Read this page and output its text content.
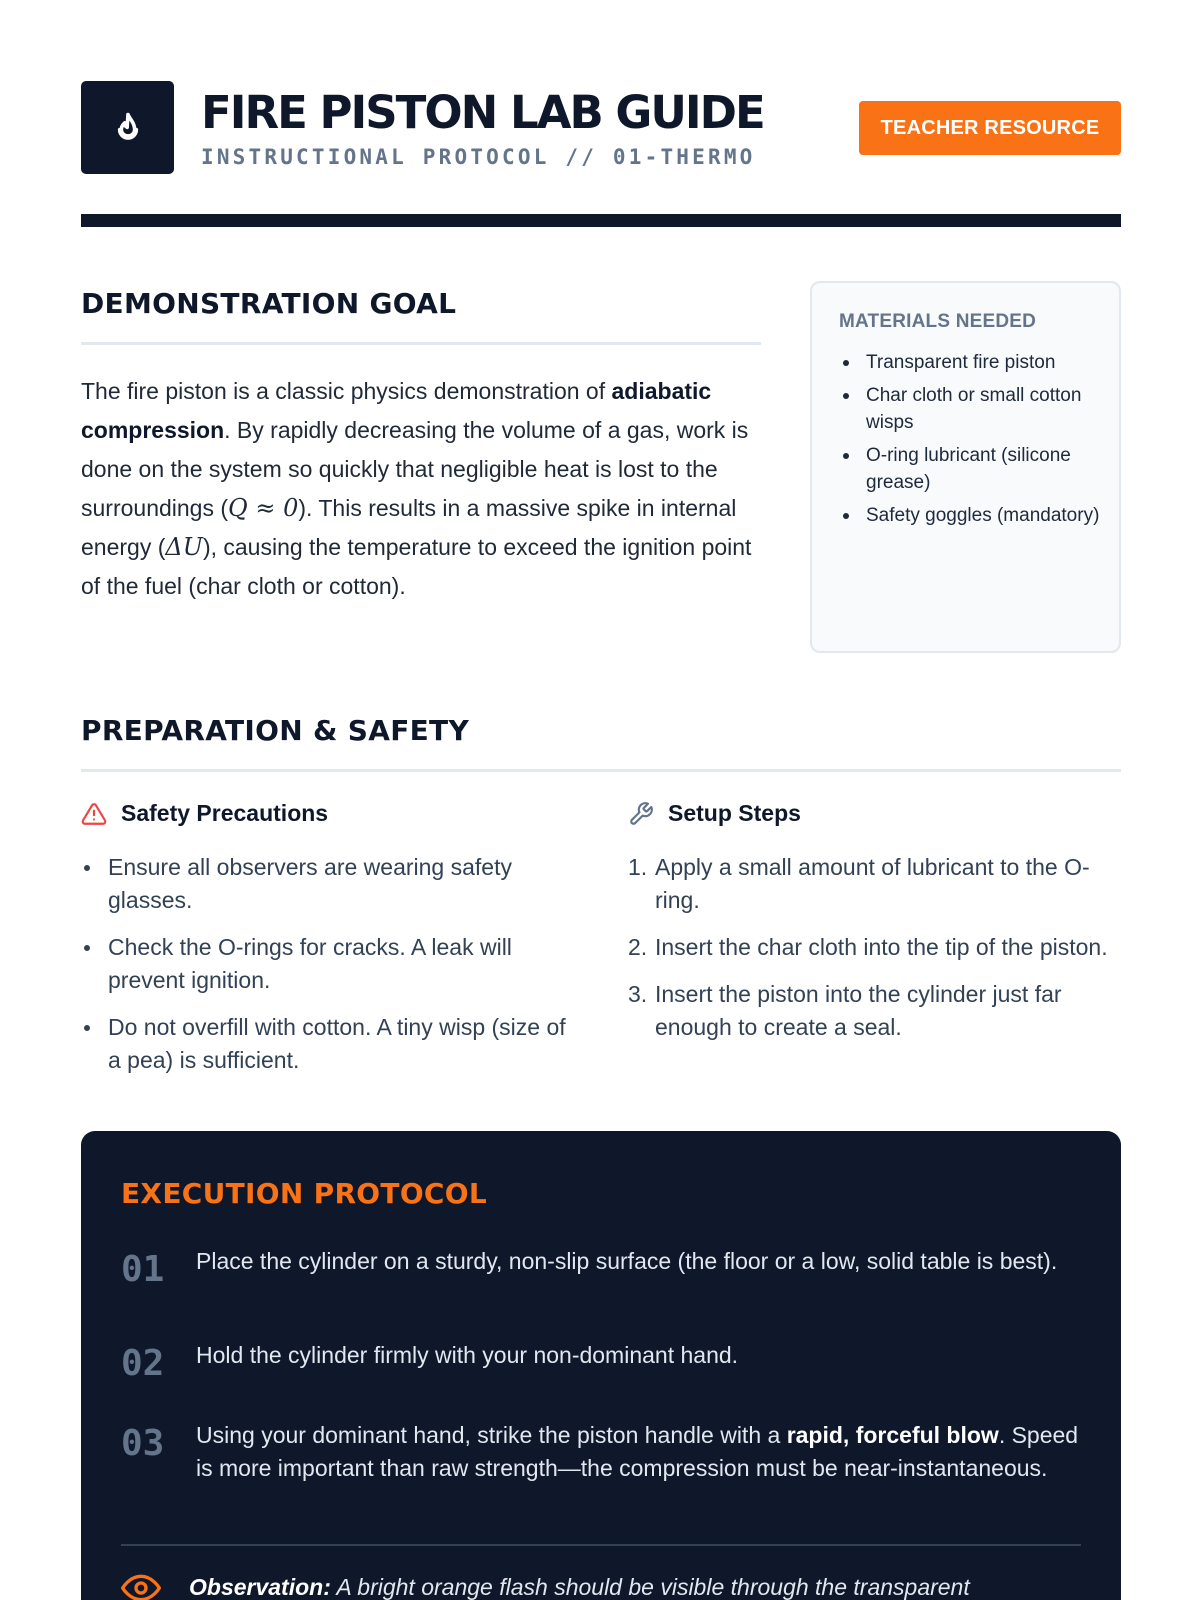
FIRE PISTON LAB GUIDE
INSTRUCTIONAL PROTOCOL // 01-THERMO
TEACHER RESOURCE
DEMONSTRATION GOAL

The fire piston is a classic physics demonstration of adiabatic compression. By rapidly decreasing the volume of a gas, work is done on the system so quickly that negligible heat is lost to the surroundings (Q ≈ 0). This results in a massive spike in internal energy (ΔU), causing the temperature to exceed the ignition point of the fuel (char cloth or cotton).

MATERIALS NEEDED
Transparent fire piston
Char cloth or small cotton wisps
O-ring lubricant (silicone grease)
Safety goggles (mandatory)
PREPARATION & SAFETY
Safety Precautions
Ensure all observers are wearing safety glasses.
Check the O-rings for cracks. A leak will prevent ignition.
Do not overfill with cotton. A tiny wisp (size of a pea) is sufficient.
Setup Steps
1. Apply a small amount of lubricant to the O-ring.
2. Insert the char cloth into the tip of the piston.
3. Insert the piston into the cylinder just far enough to create a seal.
EXECUTION PROTOCOL
01 Place the cylinder on a sturdy, non-slip surface (the floor or a low, solid table is best).
02 Hold the cylinder firmly with your non-dominant hand.
03 Using your dominant hand, strike the piston handle with a rapid, forceful blow. Speed is more important than raw strength—the compression must be near-instantaneous.
Observation: A bright orange flash should be visible through the transparent
